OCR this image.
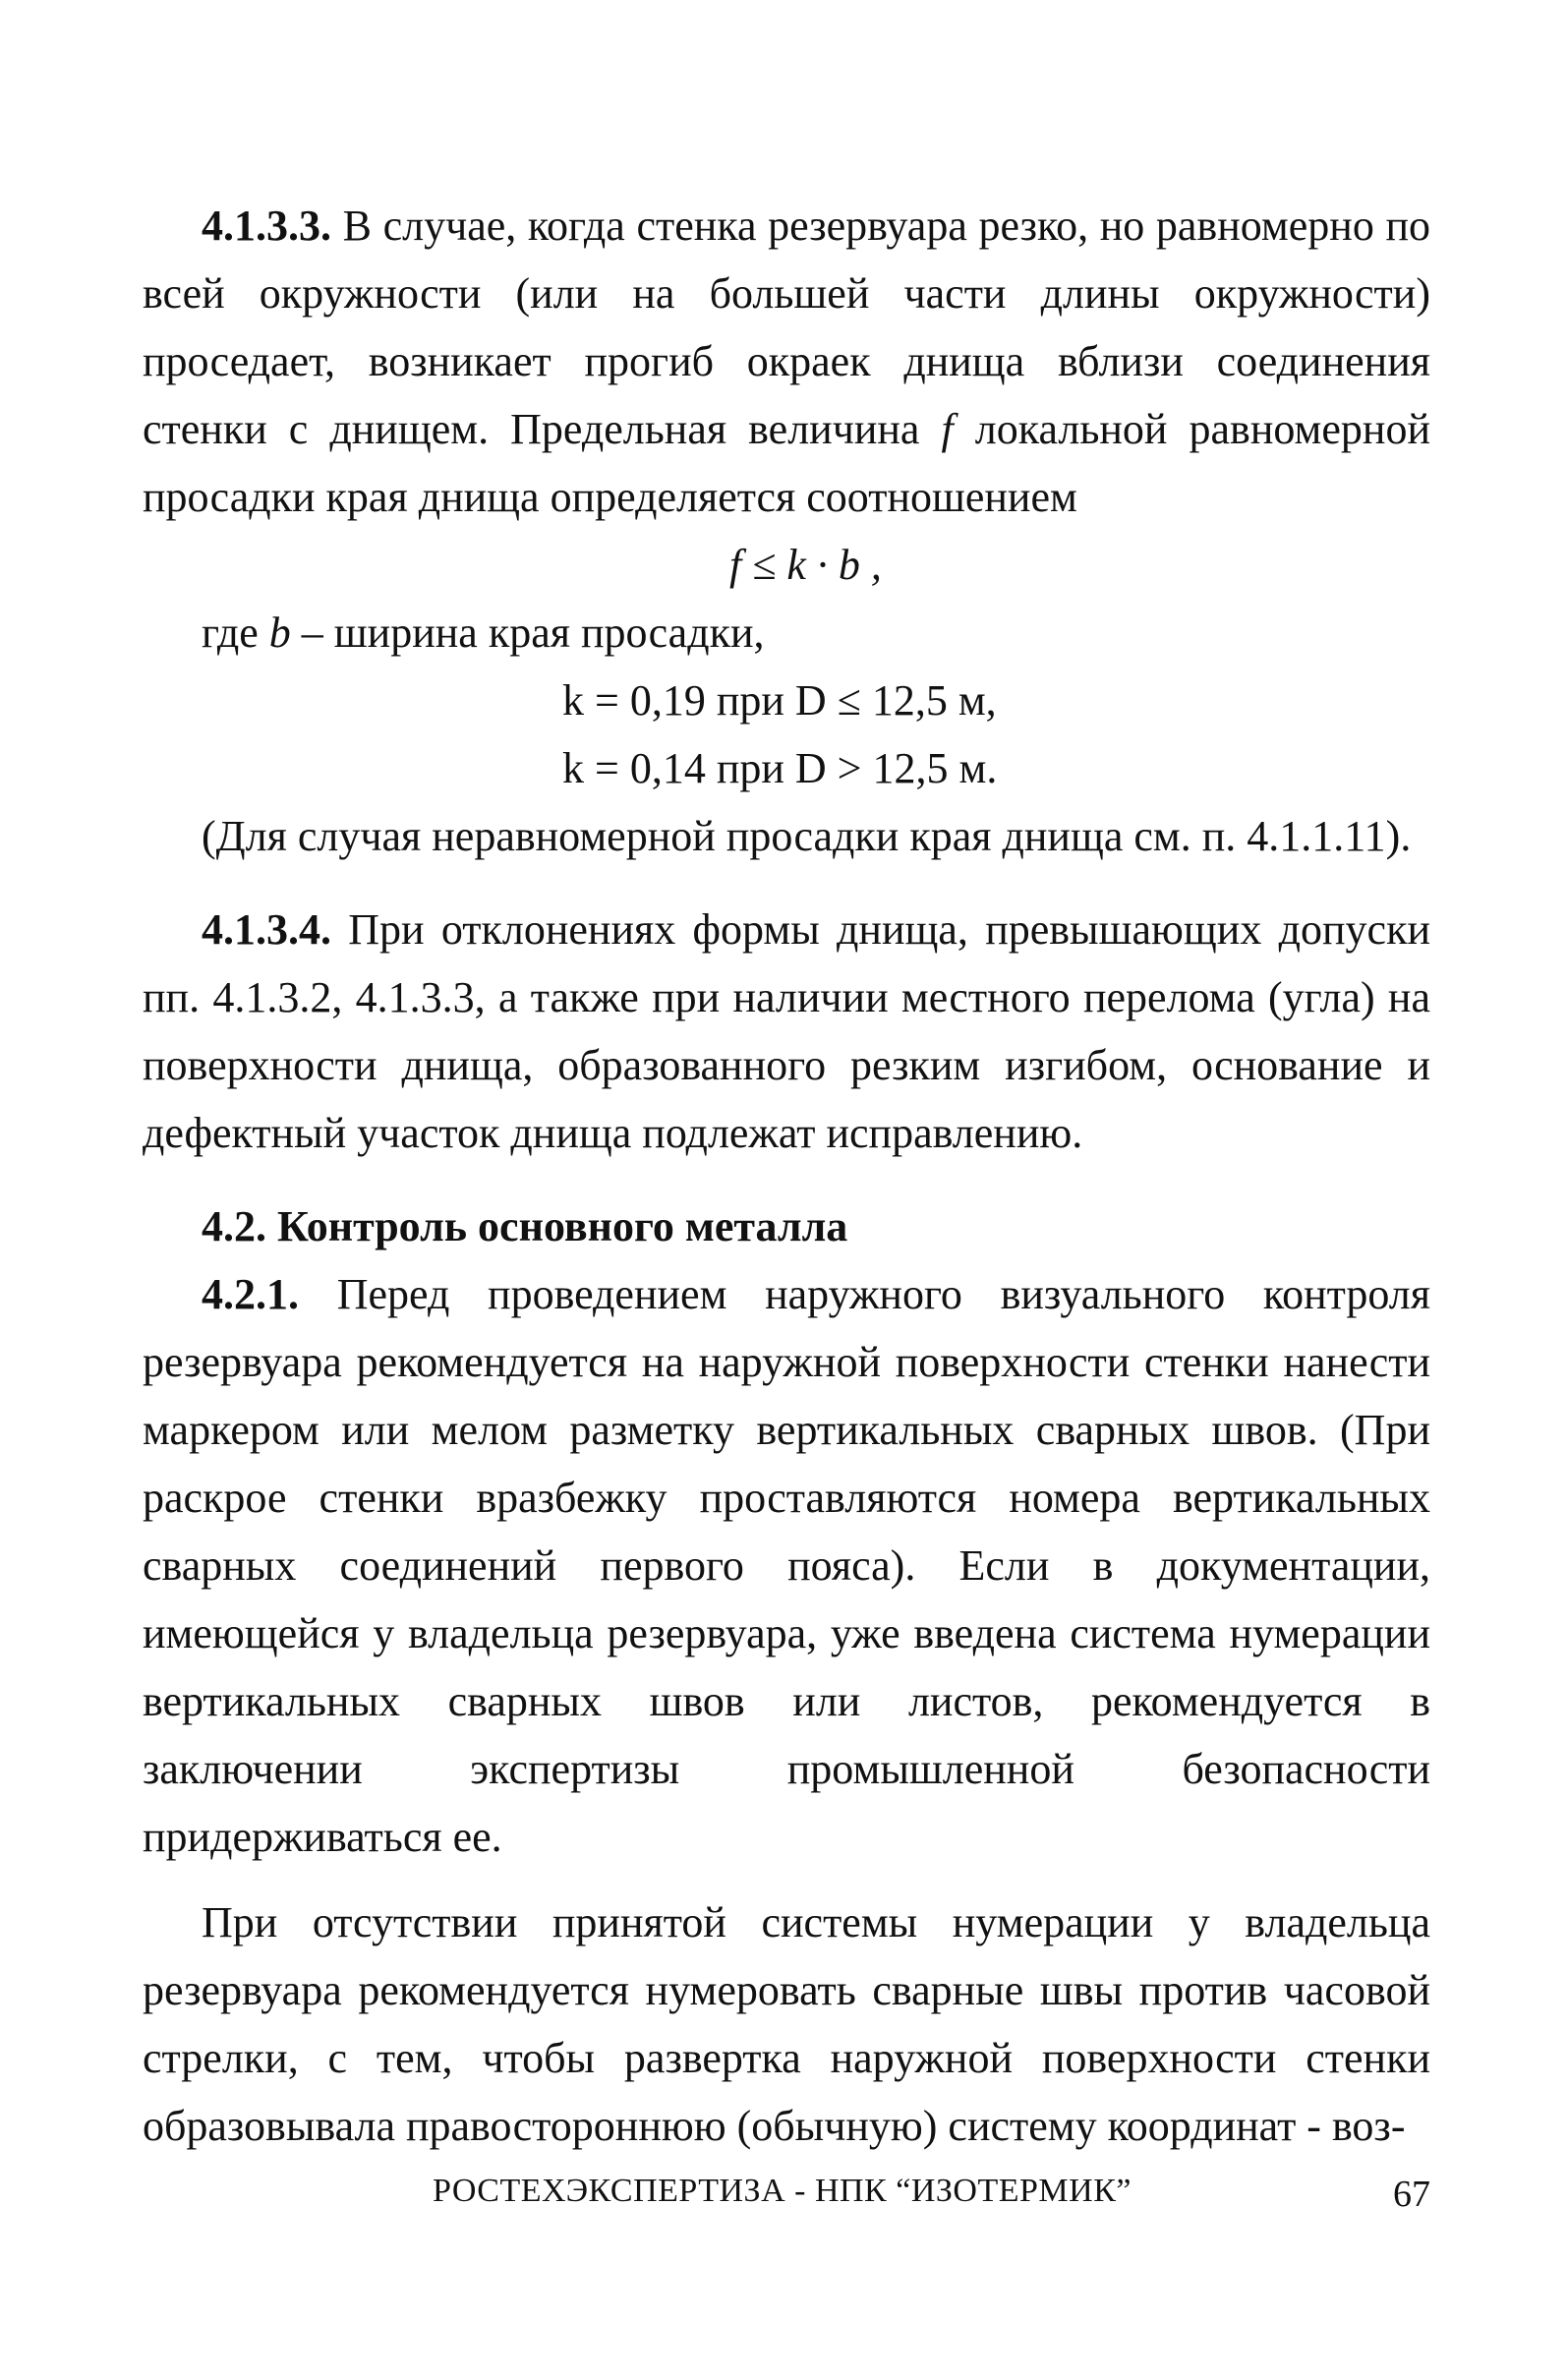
4.1.3.3. В случае, когда стенка резервуара резко, но равномерно по всей окружности (или на большей части длины окружности) проседает, возникает прогиб окраек днища вблизи соединения стенки с днищем. Предельная величина f локальной равномерной просадки края днища определяется соотношением

f ≤ k · b ,

где b – ширина края просадки,

k = 0,19 при D ≤ 12,5 м,

k = 0,14 при D > 12,5 м.

(Для случая неравномерной просадки края днища см. п. 4.1.1.11).

4.1.3.4. При отклонениях формы днища, превышающих допуски пп. 4.1.3.2, 4.1.3.3, а также при наличии местного перелома (угла) на поверхности днища, образованного резким изгибом, основание и дефектный участок днища подлежат исправлению.

4.2. Контроль основного металла

4.2.1. Перед проведением наружного визуального контроля резервуара рекомендуется на наружной поверхности стенки нанести маркером или мелом разметку вертикальных сварных швов. (При раскрое стенки вразбежку проставляются номера вертикальных сварных соединений первого пояса). Если в документации, имеющейся у владельца резервуара, уже введена система нумерации вертикальных сварных швов или листов, рекомендуется в заключении экспертизы промышленной безопасности придерживаться ее.

При отсутствии принятой системы нумерации у владельца резервуара рекомендуется нумеровать сварные швы против часовой стрелки, с тем, чтобы развертка наружной поверхности стенки образовывала правостороннюю (обычную) систему координат - воз-

РОСТЕХЭКСПЕРТИЗА - НПК “ИЗОТЕРМИК”	67
